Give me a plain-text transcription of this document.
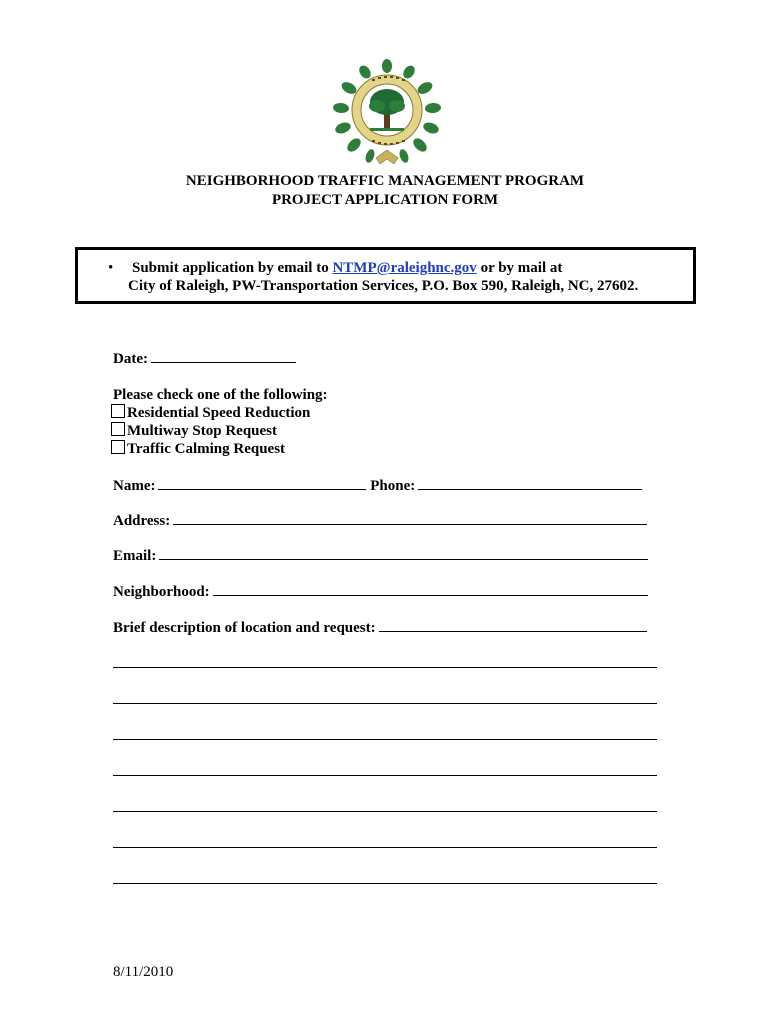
NEIGHBORHOOD TRAFFIC MANAGEMENT PROGRAM
PROJECT APPLICATION FORM
• Submit application by email to NTMP@raleighnc.gov or by mail at
City of Raleigh, PW-Transportation Services, P.O. Box 590, Raleigh, NC, 27602.
Date:
Please check one of the following:
Residential Speed Reduction
Multiway Stop Request
Traffic Calming Request
Name:	Phone:
Address:
Email:
Neighborhood:
Brief description of location and request:
8/11/2010
